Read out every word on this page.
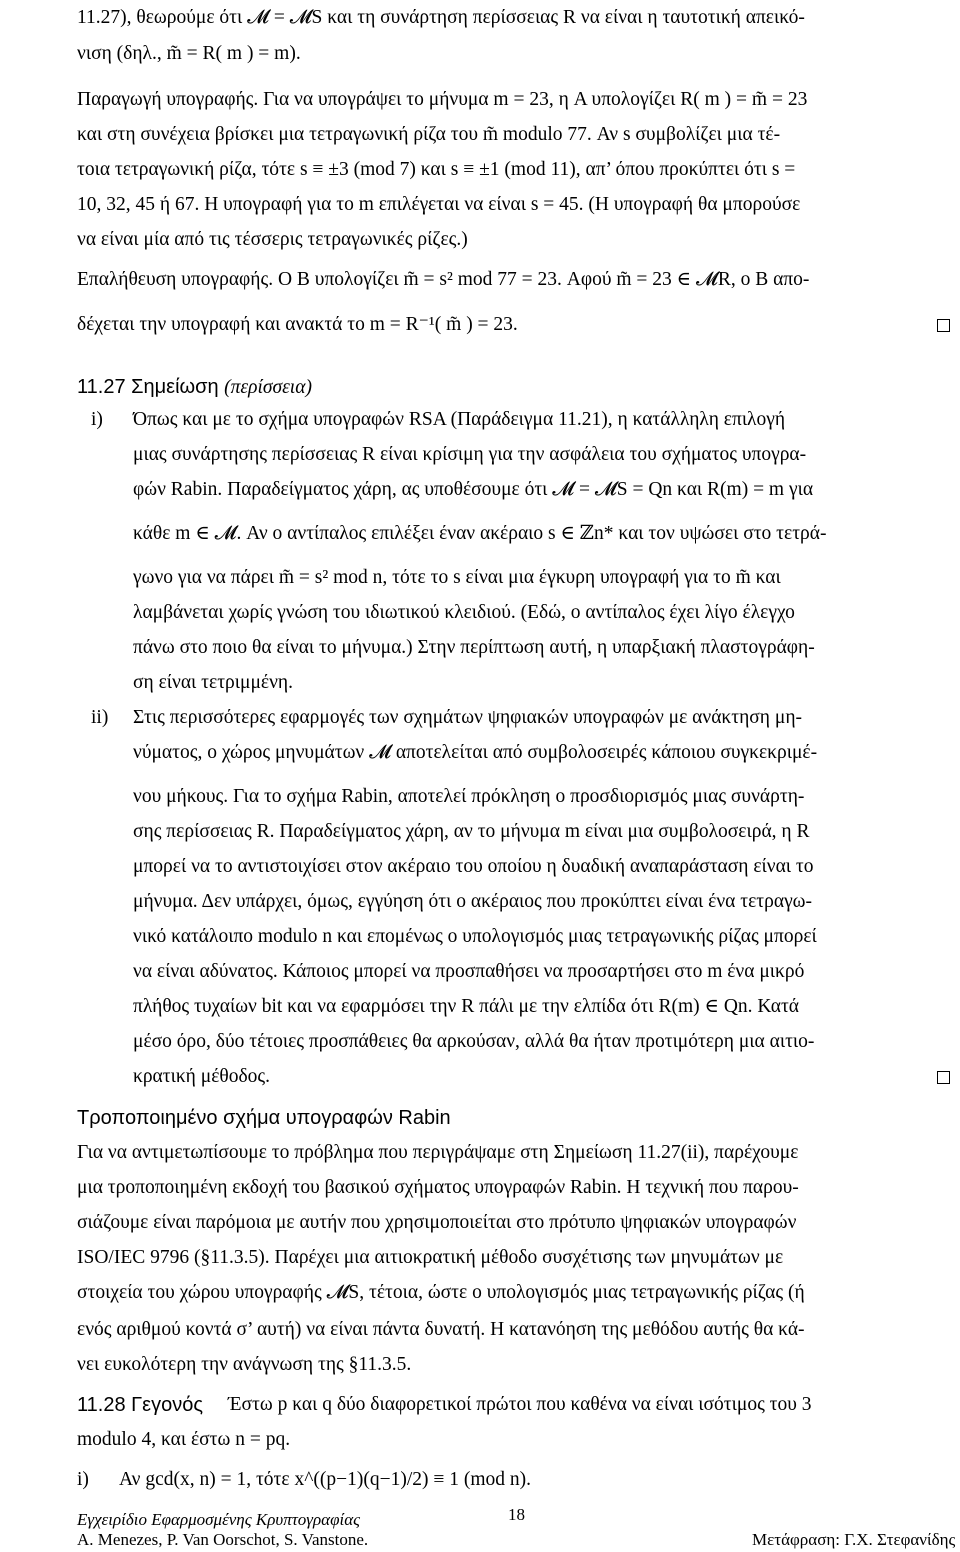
11.27), θεωρούμε ότι 𝓜 = 𝓜S και τη συνάρτηση περίσσειας R να είναι η ταυτοτική απεικό-
νιση (δηλ., m̃ = R( m ) = m).
Παραγωγή υπογραφής. Για να υπογράψει το μήνυμα m = 23, η A υπολογίζει R( m ) = m̃ = 23
και στη συνέχεια βρίσκει μια τετραγωνική ρίζα του m̃ modulo 77. Αν s συμβολίζει μια τέ-
τοια τετραγωνική ρίζα, τότε s ≡ ±3 (mod 7) και s ≡ ±1 (mod 11), απ’ όπου προκύπτει ότι s =
10, 32, 45 ή 67. Η υπογραφή για το m επιλέγεται να είναι s = 45. (Η υπογραφή θα μπορούσε
να είναι μία από τις τέσσερις τετραγωνικές ρίζες.)
Επαλήθευση υπογραφής. Ο B υπολογίζει m̃ = s² mod 77 = 23. Αφού m̃ = 23 ∈ 𝓜R, ο B απο-
δέχεται την υπογραφή και ανακτά το m = R⁻¹( m̃ ) = 23.
11.27 Σημείωση (περίσσεια)
i) Όπως και με το σχήμα υπογραφών RSA (Παράδειγμα 11.21), η κατάλληλη επιλογή
μιας συνάρτησης περίσσειας R είναι κρίσιμη για την ασφάλεια του σχήματος υπογρα-
φών Rabin. Παραδείγματος χάρη, ας υποθέσουμε ότι 𝓜 = 𝓜S = Qn και R(m) = m για
κάθε m ∈ 𝓜. Αν ο αντίπαλος επιλέξει έναν ακέραιο s ∈ ℤn* και τον υψώσει στο τετρά-
γωνο για να πάρει m̃ = s² mod n, τότε το s είναι μια έγκυρη υπογραφή για το m̃ και
λαμβάνεται χωρίς γνώση του ιδιωτικού κλειδιού. (Εδώ, ο αντίπαλος έχει λίγο έλεγχο
πάνω στο ποιο θα είναι το μήνυμα.) Στην περίπτωση αυτή, η υπαρξιακή πλαστογράφη-
ση είναι τετριμμένη.
ii) Στις περισσότερες εφαρμογές των σχημάτων ψηφιακών υπογραφών με ανάκτηση μη-
νύματος, ο χώρος μηνυμάτων 𝓜 αποτελείται από συμβολοσειρές κάποιου συγκεκριμέ-
νου μήκους. Για το σχήμα Rabin, αποτελεί πρόκληση ο προσδιορισμός μιας συνάρτη-
σης περίσσειας R. Παραδείγματος χάρη, αν το μήνυμα m είναι μια συμβολοσειρά, η R
μπορεί να το αντιστοιχίσει στον ακέραιο του οποίου η δυαδική αναπαράσταση είναι το
μήνυμα. Δεν υπάρχει, όμως, εγγύηση ότι ο ακέραιος που προκύπτει είναι ένα τετραγω-
νικό κατάλοιπο modulo n και επομένως ο υπολογισμός μιας τετραγωνικής ρίζας μπορεί
να είναι αδύνατος. Κάποιος μπορεί να προσπαθήσει να προσαρτήσει στο m ένα μικρό
πλήθος τυχαίων bit και να εφαρμόσει την R πάλι με την ελπίδα ότι R(m) ∈ Qn. Κατά
μέσο όρο, δύο τέτοιες προσπάθειες θα αρκούσαν, αλλά θα ήταν προτιμότερη μια αιτιο-
κρατική μέθοδος.
Τροποποιημένο σχήμα υπογραφών Rabin
Για να αντιμετωπίσουμε το πρόβλημα που περιγράψαμε στη Σημείωση 11.27(ii), παρέχουμε
μια τροποποιημένη εκδοχή του βασικού σχήματος υπογραφών Rabin. Η τεχνική που παρου-
σιάζουμε είναι παρόμοια με αυτήν που χρησιμοποιείται στο πρότυπο ψηφιακών υπογραφών
ISO/IEC 9796 (§11.3.5). Παρέχει μια αιτιοκρατική μέθοδο συσχέτισης των μηνυμάτων με
στοιχεία του χώρου υπογραφής 𝓜S, τέτοια, ώστε ο υπολογισμός μιας τετραγωνικής ρίζας (ή
ενός αριθμού κοντά σ’ αυτή) να είναι πάντα δυνατή. Η κατανόηση της μεθόδου αυτής θα κά-
νει ευκολότερη την ανάγνωση της §11.3.5.
11.28 Γεγονός Έστω p και q δύο διαφορετικοί πρώτοι που καθένα να είναι ισότιμος του 3
modulo 4, και έστω n = pq.
i) Αν gcd(x, n) = 1, τότε x^((p−1)(q−1)/2) ≡ 1 (mod n).
Εγχειρίδιο Εφαρμοσμένης Κρυπτογραφίας	18
A. Menezes, P. Van Oorschot, S. Vanstone.	Μετάφραση: Γ.Χ. Στεφανίδης
